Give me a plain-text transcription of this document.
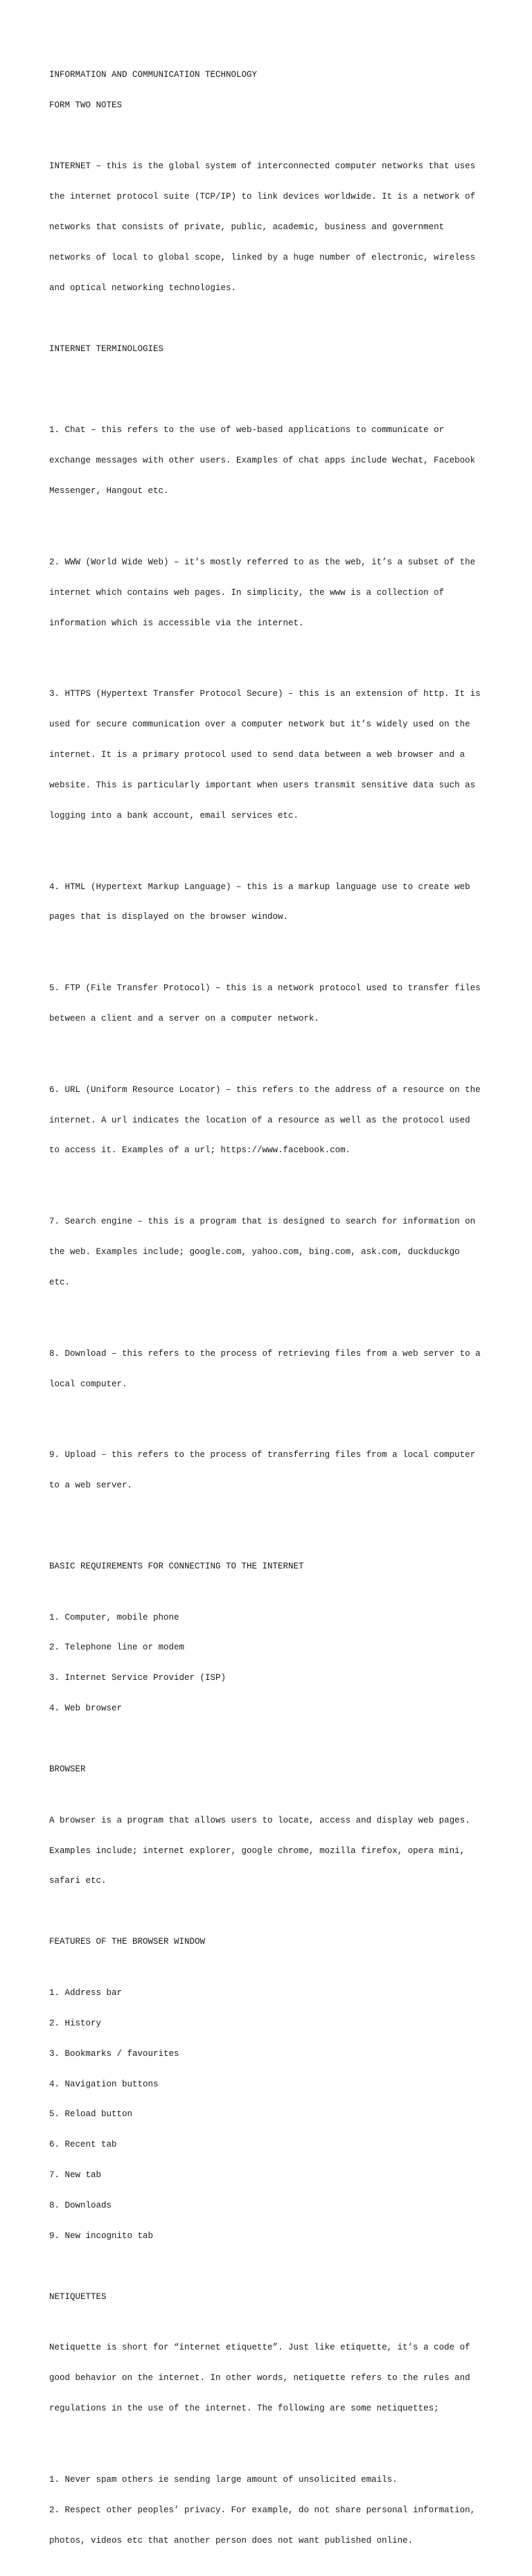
INFORMATION AND COMMUNICATION TECHNOLOGY

FORM TWO NOTES

INTERNET – this is the global system of interconnected computer networks that uses

the internet protocol suite (TCP/IP) to link devices worldwide. It is a network of

networks that consists of private, public, academic, business and government

networks of local to global scope, linked by a huge number of electronic, wireless

and optical networking technologies.

INTERNET TERMINOLOGIES

1. Chat – this refers to the use of web-based applications to communicate or

exchange messages with other users. Examples of chat apps include Wechat, Facebook

Messenger, Hangout etc.

2. WWW (World Wide Web) – it’s mostly referred to as the web, it’s a subset of the

internet which contains web pages. In simplicity, the www is a collection of

information which is accessible via the internet.

3. HTTPS (Hypertext Transfer Protocol Secure) – this is an extension of http. It is

used for secure communication over a computer network but it’s widely used on the

internet. It is a primary protocol used to send data between a web browser and a

website. This is particularly important when users transmit sensitive data such as

logging into a bank account, email services etc.

4. HTML (Hypertext Markup Language) – this is a markup language use to create web

pages that is displayed on the browser window.

5. FTP (File Transfer Protocol) – this is a network protocol used to transfer files

between a client and a server on a computer network.

6. URL (Uniform Resource Locator) – this refers to the address of a resource on the

internet. A url indicates the location of a resource as well as the protocol used

to access it. Examples of a url; https://www.facebook.com.

7. Search engine – this is a program that is designed to search for information on

the web. Examples include; google.com, yahoo.com, bing.com, ask.com, duckduckgo

etc.

8. Download – this refers to the process of retrieving files from a web server to a

local computer.

9. Upload – this refers to the process of transferring files from a local computer

to a web server.

BASIC REQUIREMENTS FOR CONNECTING TO THE INTERNET

1. Computer, mobile phone

2. Telephone line or modem

3. Internet Service Provider (ISP)

4. Web browser

BROWSER

A browser is a program that allows users to locate, access and display web pages.

Examples include; internet explorer, google chrome, mozilla firefox, opera mini,

safari etc.

FEATURES OF THE BROWSER WINDOW

1. Address bar

2. History

3. Bookmarks / favourites

4. Navigation buttons

5. Reload button

6. Recent tab

7. New tab

8. Downloads

9. New incognito tab

NETIQUETTES

Netiquette is short for “internet etiquette”. Just like etiquette, it’s a code of

good behavior on the internet. In other words, netiquette refers to the rules and

regulations in the use of the internet. The following are some netiquettes;

1. Never spam others ie sending large amount of unsolicited emails.

2. Respect other peoples’ privacy. For example, do not share personal information,

photos, videos etc that another person does not want published online.
